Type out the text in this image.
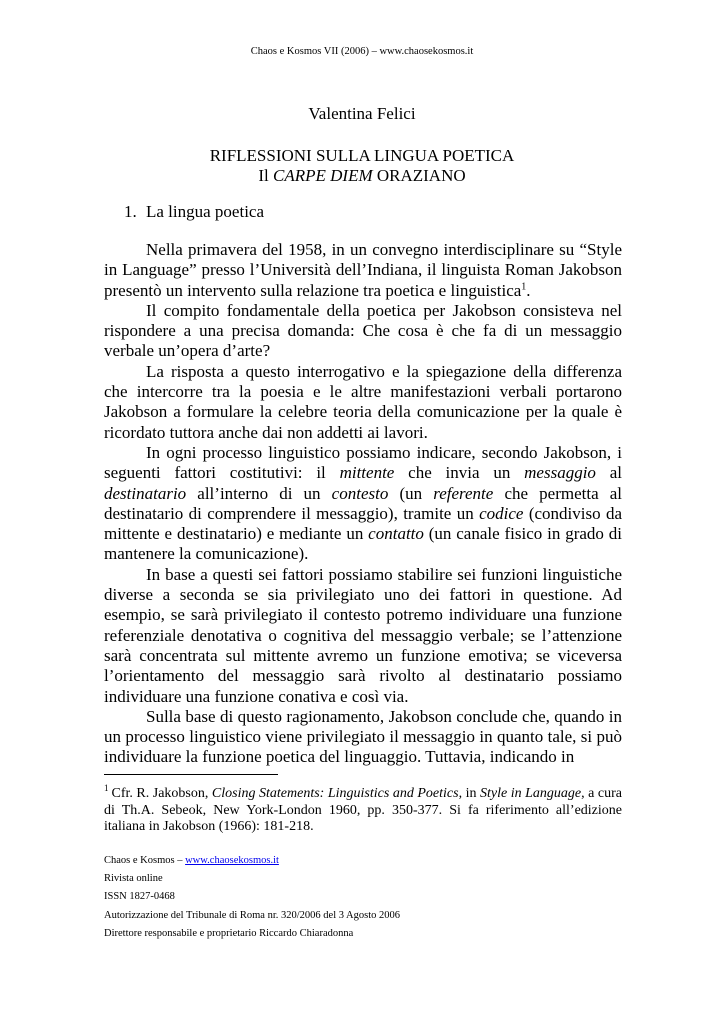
Chaos e Kosmos VII (2006) – www.chaosekosmos.it
Valentina Felici
RIFLESSIONI SULLA LINGUA POETICA
Il CARPE DIEM ORAZIANO
1. La lingua poetica

Nella primavera del 1958, in un convegno interdisciplinare su “Style in Language” presso l’Università dell’Indiana, il linguista Roman Jakobson presentò un intervento sulla relazione tra poetica e linguistica$^1$.

Il compito fondamentale della poetica per Jakobson consisteva nel rispondere a una precisa domanda: Che cosa è che fa di un messaggio verbale un’opera d’arte?

La risposta a questo interrogativo e la spiegazione della differenza che intercorre tra la poesia e le altre manifestazioni verbali portarono Jakobson a formulare la celebre teoria della comunicazione per la quale è ricordato tuttora anche dai non addetti ai lavori.

In ogni processo linguistico possiamo indicare, secondo Jakobson, i seguenti fattori costitutivi: il mittente che invia un messaggio al destinatario all’interno di un contesto (un referente che permetta al destinatario di comprendere il messaggio), tramite un codice (condiviso da mittente e destinatario) e mediante un contatto (un canale fisico in grado di mantenere la comunicazione).

In base a questi sei fattori possiamo stabilire sei funzioni linguistiche diverse a seconda se sia privilegiato uno dei fattori in questione. Ad esempio, se sarà privilegiato il contesto potremo individuare una funzione referenziale denotativa o cognitiva del messaggio verbale; se l’attenzione sarà concentrata sul mittente avremo un funzione emotiva; se viceversa l’orientamento del messaggio sarà rivolto al destinatario possiamo individuare una funzione conativa e così via.

Sulla base di questo ragionamento, Jakobson conclude che, quando in un processo linguistico viene privilegiato il messaggio in quanto tale, si può individuare la funzione poetica del linguaggio. Tuttavia, indicando in

$^1$ Cfr. R. Jakobson, Closing Statements: Linguistics and Poetics, in Style in Language, a cura di Th.A. Sebeok, New York-London 1960, pp. 350-377. Si fa riferimento all’edizione italiana in Jakobson (1966): 181-218.
Chaos e Kosmos – www.chaosekosmos.it
Rivista online
ISSN 1827-0468
Autorizzazione del Tribunale di Roma nr. 320/2006 del 3 Agosto 2006
Direttore responsabile e proprietario Riccardo Chiaradonna
